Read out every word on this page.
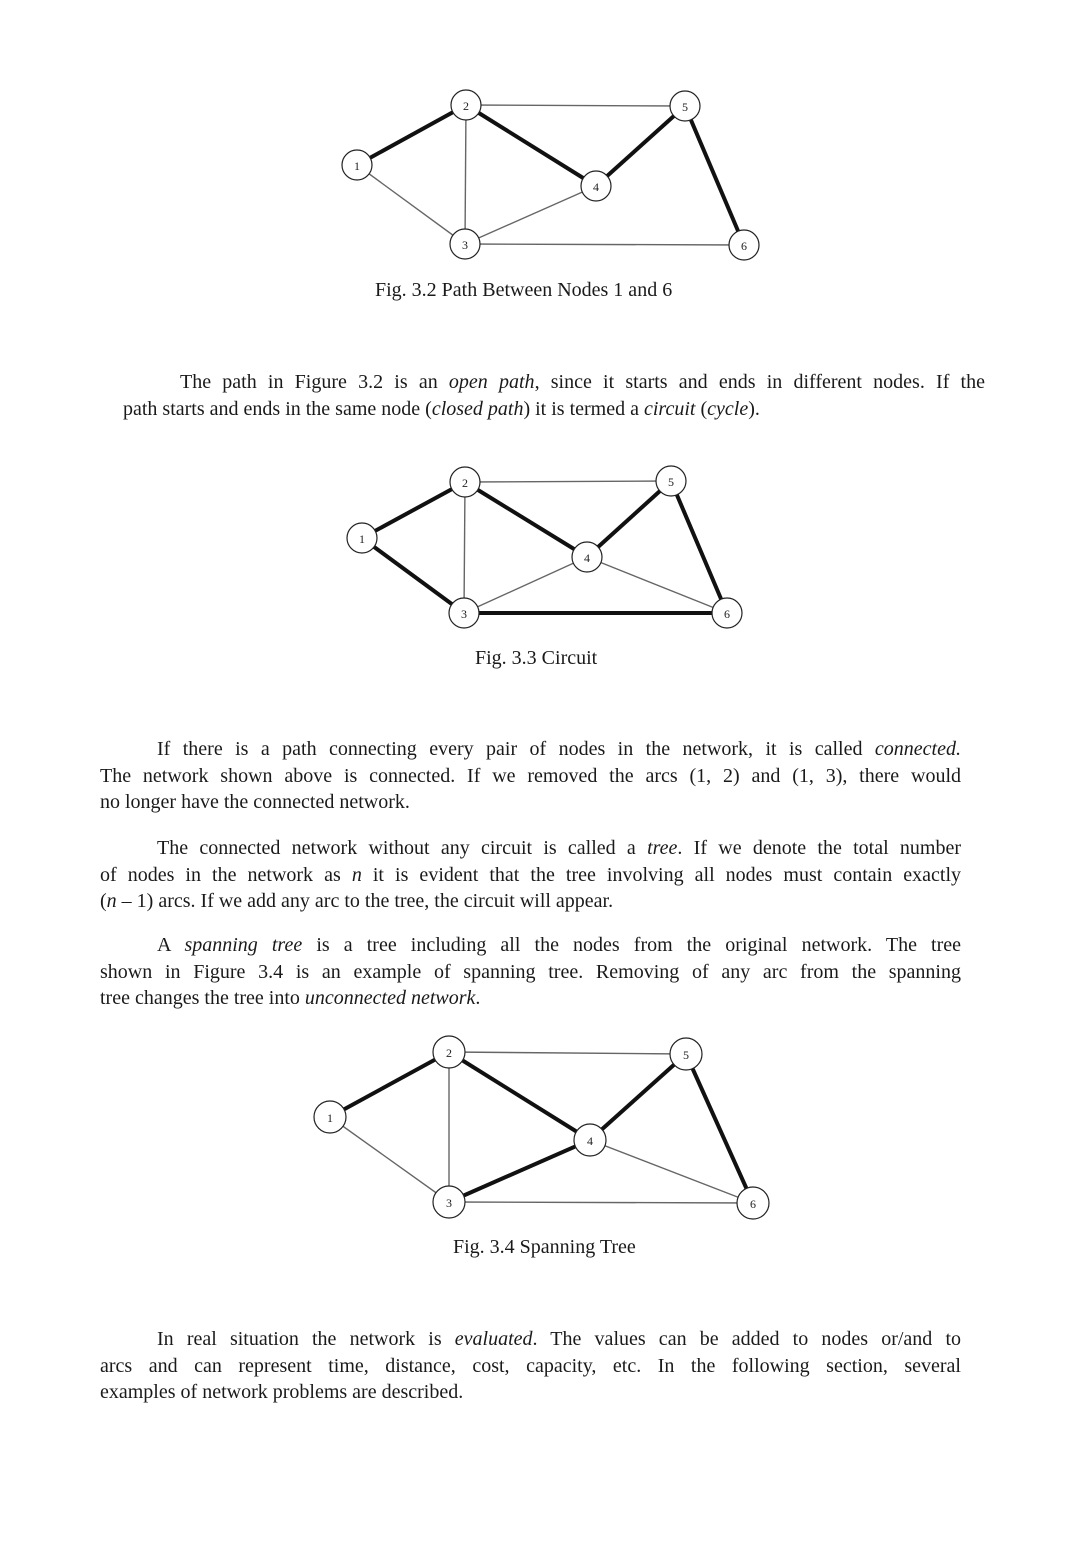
1
2
3
4
5
6
Fig. 3.2 Path Between Nodes 1 and 6
The path in Figure 3.2 is an open path, since it starts and ends in different nodes. If the
path starts and ends in the same node (closed path) it is termed a circuit (cycle).
1
2
3
4
5
6
Fig. 3.3 Circuit
If there is a path connecting every pair of nodes in the network, it is called connected.
The network shown above is connected. If we removed the arcs (1, 2) and (1, 3), there would
no longer have the connected network.
The connected network without any circuit is called a tree. If we denote the total number
of nodes in the network as n it is evident that the tree involving all nodes must contain exactly
(n – 1) arcs. If we add any arc to the tree, the circuit will appear.
A spanning tree is a tree including all the nodes from the original network. The tree
shown in Figure 3.4 is an example of spanning tree. Removing of any arc from the spanning
tree changes the tree into unconnected network.
1
2
3
4
5
6
Fig. 3.4 Spanning Tree
In real situation the network is evaluated. The values can be added to nodes or/and to
arcs and can represent time, distance, cost, capacity, etc. In the following section, several
examples of network problems are described.
